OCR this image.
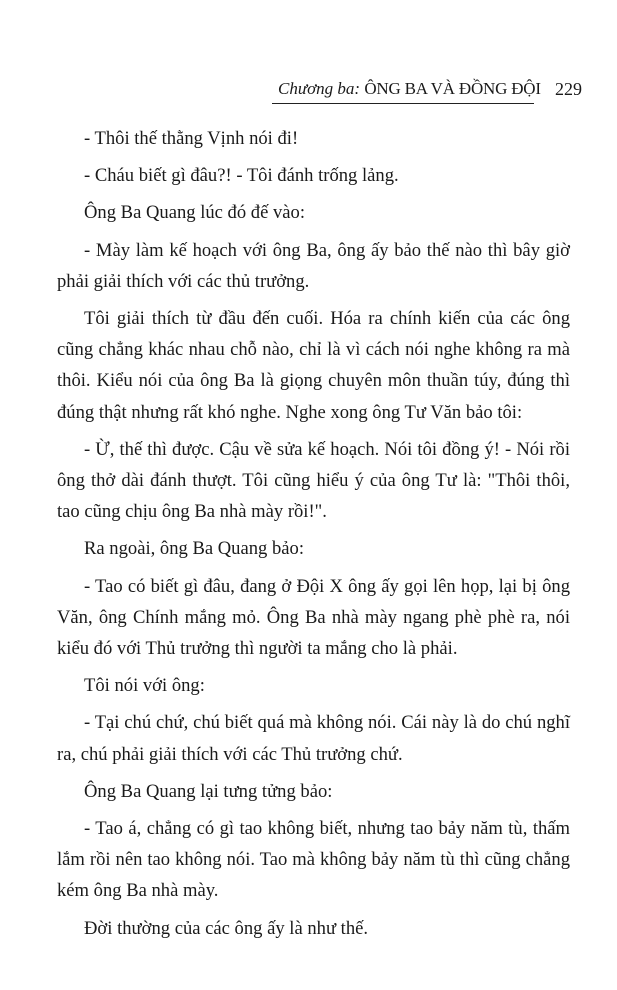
Chương ba: ÔNG BA VÀ ĐỒNG ĐỘI 229

- Thôi thế thằng Vịnh nói đi!

- Cháu biết gì đâu?! - Tôi đánh trống lảng.

Ông Ba Quang lúc đó đế vào:

- Mày làm kế hoạch với ông Ba, ông ấy bảo thế nào thì bây giờ phải giải thích với các thủ trưởng.

Tôi giải thích từ đầu đến cuối. Hóa ra chính kiến của các ông cũng chẳng khác nhau chỗ nào, chỉ là vì cách nói nghe không ra mà thôi. Kiểu nói của ông Ba là giọng chuyên môn thuần túy, đúng thì đúng thật nhưng rất khó nghe. Nghe xong ông Tư Văn bảo tôi:

- Ừ, thế thì được. Cậu về sửa kế hoạch. Nói tôi đồng ý! - Nói rồi ông thở dài đánh thượt. Tôi cũng hiểu ý của ông Tư là: "Thôi thôi, tao cũng chịu ông Ba nhà mày rồi!".

Ra ngoài, ông Ba Quang bảo:

- Tao có biết gì đâu, đang ở Đội X ông ấy gọi lên họp, lại bị ông Văn, ông Chính mắng mỏ. Ông Ba nhà mày ngang phè phè ra, nói kiểu đó với Thủ trưởng thì người ta mắng cho là phải.

Tôi nói với ông:

- Tại chú chứ, chú biết quá mà không nói. Cái này là do chú nghĩ ra, chú phải giải thích với các Thủ trưởng chứ.

Ông Ba Quang lại tưng tửng bảo:

- Tao á, chẳng có gì tao không biết, nhưng tao bảy năm tù, thấm lắm rồi nên tao không nói. Tao mà không bảy năm tù thì cũng chẳng kém ông Ba nhà mày.

Đời thường của các ông ấy là như thế.
